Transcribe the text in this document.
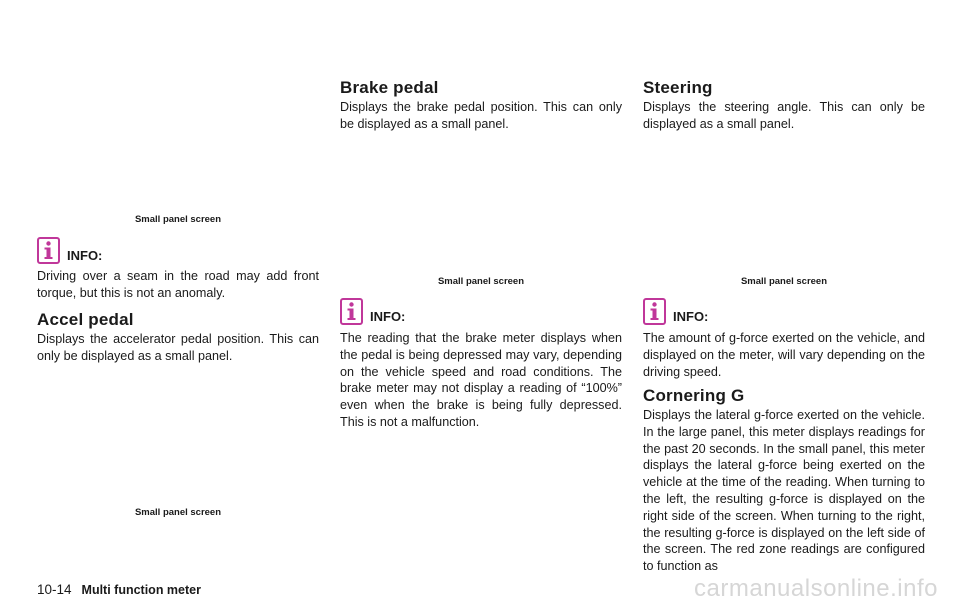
Small panel screen
INFO:
Driving over a seam in the road may add front torque, but this is not an anomaly.
Accel pedal
Displays the accelerator pedal position. This can only be displayed as a small panel.
Small panel screen
Brake pedal
Displays the brake pedal position. This can only be displayed as a small panel.
Small panel screen
INFO:
The reading that the brake meter displays when the pedal is being depressed may vary, depending on the vehicle speed and road conditions. The brake meter may not display a reading of “100%” even when the brake is being fully depressed. This is not a malfunction.
Steering
Displays the steering angle. This can only be displayed as a small panel.
Small panel screen
INFO:
The amount of g-force exerted on the vehicle, and displayed on the meter, will vary depending on the driving speed.
Cornering G
Displays the lateral g-force exerted on the vehicle. In the large panel, this meter displays readings for the past 20 seconds. In the small panel, this meter displays the lateral g-force being exerted on the vehicle at the time of the reading. When turning to the left, the resulting g-force is displayed on the right side of the screen. When turning to the right, the resulting g-force is displayed on the left side of the screen. The red zone readings are configured to function as
10-14 Multi function meter	carmanualsonline.info
